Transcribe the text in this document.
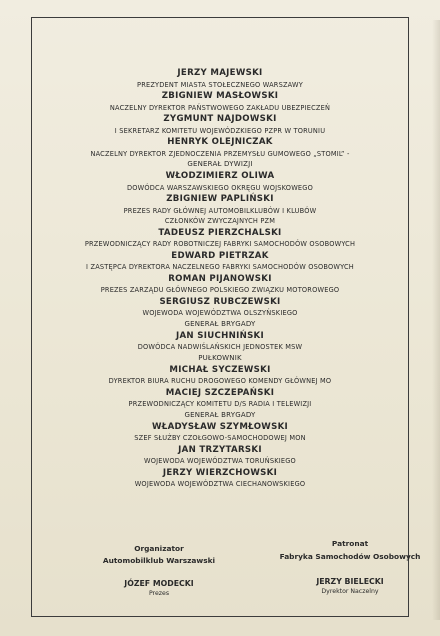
JERZY MAJEWSKI
PREZYDENT MIASTA STOŁECZNEGO WARSZAWY
ZBIGNIEW MASŁOWSKI
NACZELNY DYREKTOR PAŃSTWOWEGO ZAKŁADU UBEZPIECZEŃ
ZYGMUNT NAJDOWSKI
I SEKRETARZ KOMITETU WOJEWÓDZKIEGO PZPR W TORUNIU
HENRYK OLEJNICZAK
NACZELNY DYREKTOR ZJEDNOCZENIA PRZEMYSŁU GUMOWEGO „STOMIL” -
GENERAŁ DYWIZJI
WŁODZIMIERZ OLIWA
DOWÓDCA WARSZAWSKIEGO OKRĘGU WOJSKOWEGO
ZBIGNIEW PAPLIŃSKI
PREZES RADY GŁÓWNEJ AUTOMOBILKLUBÓW I KLUBÓW
CZŁONKÓW ZWYCZAJNYCH PZM
TADEUSZ PIERZCHALSKI
PRZEWODNICZĄCY RADY ROBOTNICZEJ FABRYKI SAMOCHODÓW OSOBOWYCH
EDWARD PIETRZAK
I ZASTĘPCA DYREKTORA NACZELNEGO FABRYKI SAMOCHODÓW OSOBOWYCH
ROMAN PIJANOWSKI
PREZES ZARZĄDU GŁÓWNEGO POLSKIEGO ZWIĄZKU MOTOROWEGO
SERGIUSZ RUBCZEWSKI
WOJEWODA WOJEWÓDZTWA OLSZYŃSKIEGO
GENERAŁ BRYGADY
JAN SIUCHNIŃSKI
DOWÓDCA NADWIŚLAŃSKICH JEDNOSTEK MSW
PUŁKOWNIK
MICHAŁ SYCZEWSKI
DYREKTOR BIURA RUCHU DROGOWEGO KOMENDY GŁÓWNEJ MO
MACIEJ SZCZEPAŃSKI
PRZEWODNICZĄCY KOMITETU D/S RADIA I TELEWIZJI
GENERAŁ BRYGADY
WŁADYSŁAW SZYMŁOWSKI
SZEF SŁUŻBY CZOŁGOWO-SAMOCHODOWEJ MON
JAN TRZYTARSKI
WOJEWODA WOJEWÓDZTWA TORUŃSKIEGO
JERZY WIERZCHOWSKI
WOJEWODA WOJEWÓDZTWA CIECHANOWSKIEGO
Organizator
Automobilklub Warszawski
JÓZEF MODECKI
Prezes
Patronat
Fabryka Samochodów Osobowych
JERZY BIELECKI
Dyrektor Naczelny
